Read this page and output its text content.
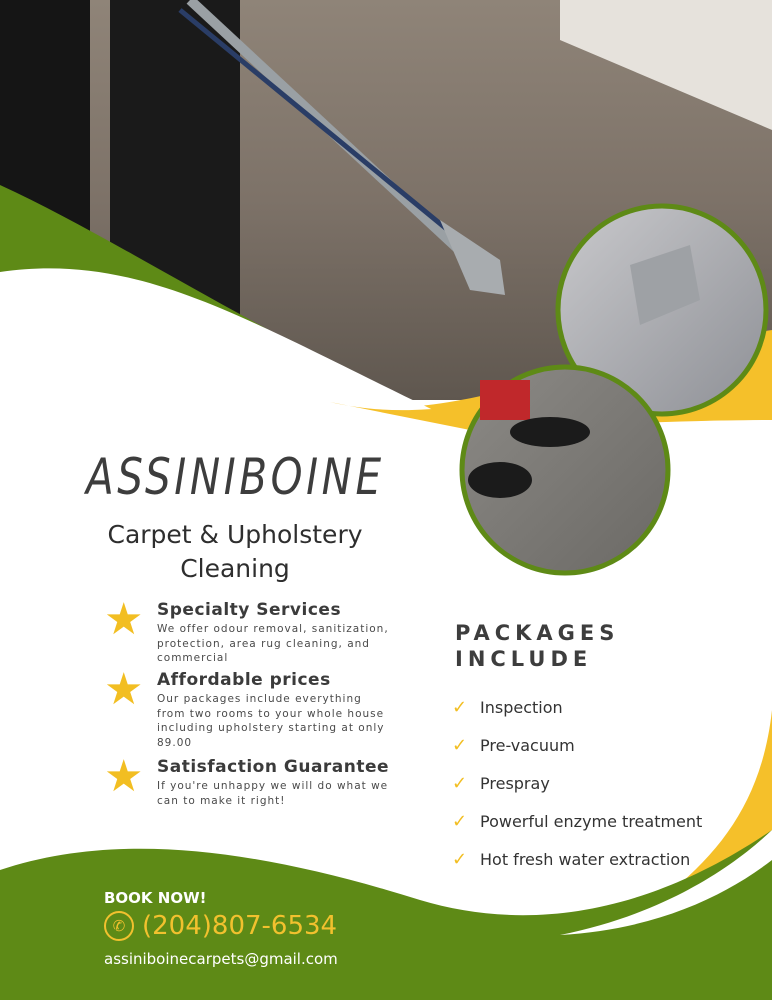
ASSINIBOINE
Carpet & Upholstery Cleaning
★ Specialty Services

We offer odour removal, sanitization, protection, area rug cleaning, and commercial

★ Affordable prices

Our packages include everything from two rooms to your whole house including upholstery starting at only 89.00

★ Satisfaction Guarantee

If you're unhappy we will do what we can to make it right!

PACKAGES INCLUDE
✓ Inspection
✓ Pre-vacuum
✓ Prespray
✓ Powerful enzyme treatment
✓ Hot fresh water extraction
BOOK NOW!
✆ (204)807-6534
assiniboinecarpets@gmail.com
